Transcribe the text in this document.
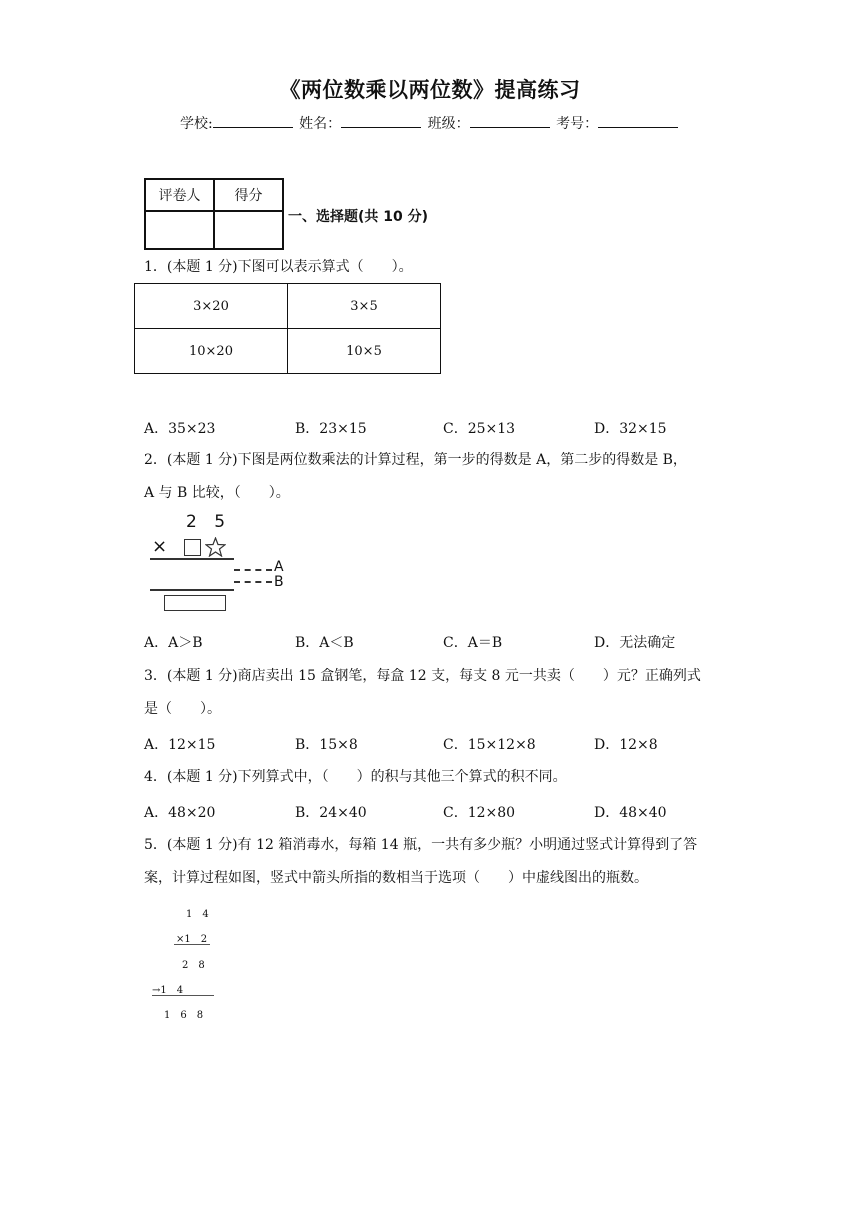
《两位数乘以两位数》提高练习
学校:	姓名：	班级：	考号：
评卷人	得分

一、选择题(共 10 分)
1．(本题 1 分)下图可以表示算式（　　）。
3×20	3×5
10×20	10×5
A．35×23	B．23×15	C．25×13	D．32×15
2．(本题 1 分)下图是两位数乘法的计算过程，第一步的得数是 A，第二步的得数是 B，
A 与 B 比较，（　　）。
2 5
×
A
B
A．A＞B	B．A＜B	C．A＝B	D．无法确定
3．(本题 1 分)商店卖出 15 盒钢笔，每盒 12 支，每支 8 元一共卖（　　）元？正确列式
是（　　）。
A．12×15	B．15×8	C．15×12×8	D．12×8
4．(本题 1 分)下列算式中，（　　）的积与其他三个算式的积不同。
A．48×20	B．24×40	C．12×80	D．48×40
5．(本题 1 分)有 12 箱消毒水，每箱 14 瓶，一共有多少瓶？小明通过竖式计算得到了答
案，计算过程如图，竖式中箭头所指的数相当于选项（　　）中虚线图出的瓶数。
1　4
×1　2
2　8
→1　4
1　6　8
